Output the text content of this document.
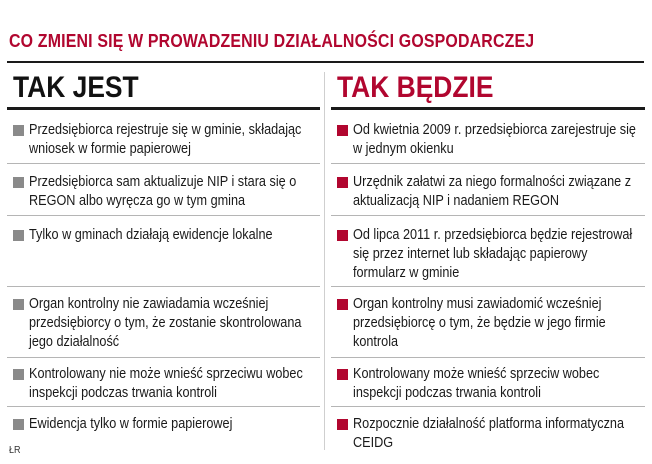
CO ZMIENI SIĘ W PROWADZENIU DZIAŁALNOŚCI GOSPODARCZEJ
TAK JEST
Przedsiębiorca rejestruje się w gminie, składając wniosek w formie papierowej
Przedsiębiorca sam aktualizuje NIP i stara się o REGON albo wyręcza go w tym gmina
Tylko w gminach działają ewidencje lokalne
Organ kontrolny nie zawiadamia wcześniej przedsiębiorcy o tym, że zostanie skontrolowana jego działalność
Kontrolowany nie może wnieść sprzeciwu wobec inspekcji podczas trwania kontroli
Ewidencja tylko w formie papierowej
TAK BĘDZIE
Od kwietnia 2009 r. przedsiębiorca zarejestruje się w jednym okienku
Urzędnik załatwi za niego formalności związane z aktualizacją NIP i nadaniem REGON
Od lipca 2011 r. przedsiębiorca będzie rejestrował się przez internet lub składając papierowy formularz w gminie
Organ kontrolny musi zawiadomić wcześniej przedsiębiorcę o tym, że będzie w jego firmie kontrola
Kontrolowany może wnieść sprzeciw wobec inspekcji podczas trwania kontroli
Rozpocznie działalność platforma informatyczna CEIDG
ŁR
